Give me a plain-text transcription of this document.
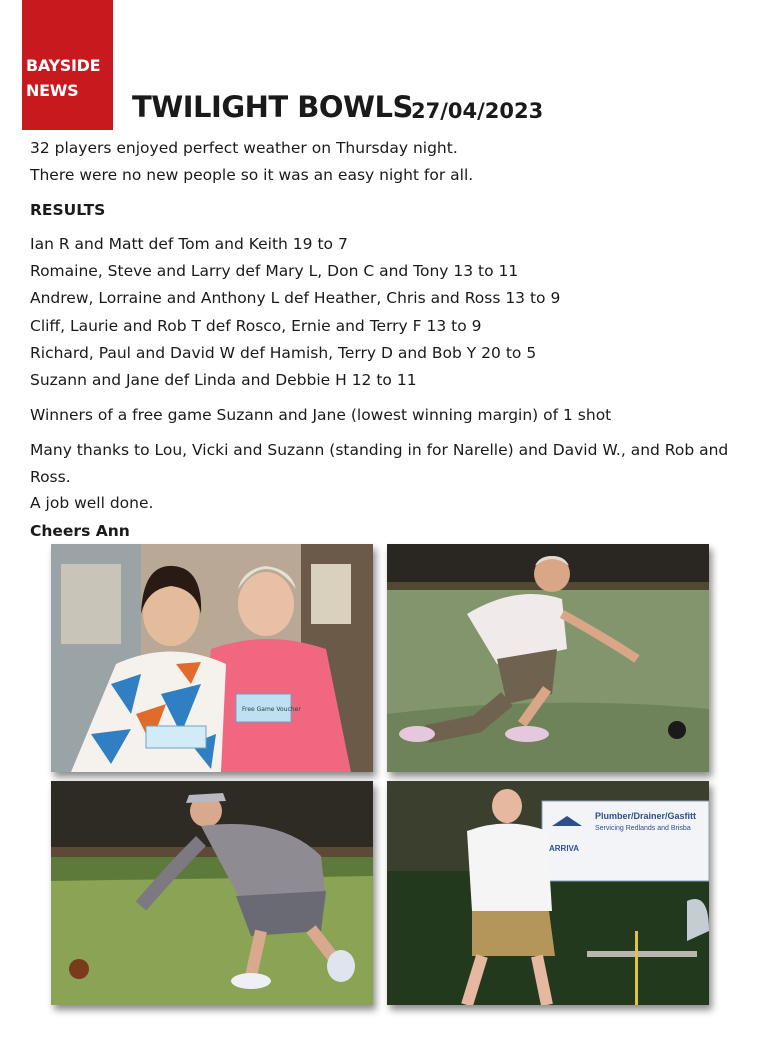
BAYSIDE
NEWS TWILIGHT BOWLS
27/04/2023
32 players enjoyed perfect weather on Thursday night.
There were no new people so it was an easy night for all.
RESULTS
Ian R and Matt def Tom and Keith 19 to 7
Romaine, Steve and Larry def Mary L, Don C and Tony 13 to 11
Andrew, Lorraine and Anthony L def Heather, Chris and Ross 13 to 9
Cliff, Laurie and Rob T def Rosco, Ernie and Terry F 13 to 9
Richard, Paul and David W def Hamish, Terry D and Bob Y 20 to 5
Suzann and Jane def Linda and Debbie H 12 to 11
Winners of a free game Suzann and Jane (lowest winning margin) of 1 shot
Many thanks to Lou, Vicki and Suzann (standing in for Narelle) and David W., and Rob and
Ross.
A job well done.
Cheers Ann
Free Game Voucher
Plumber/Drainer/Gasfitt
Servicing Redlands and Brisba
ARRIVA
